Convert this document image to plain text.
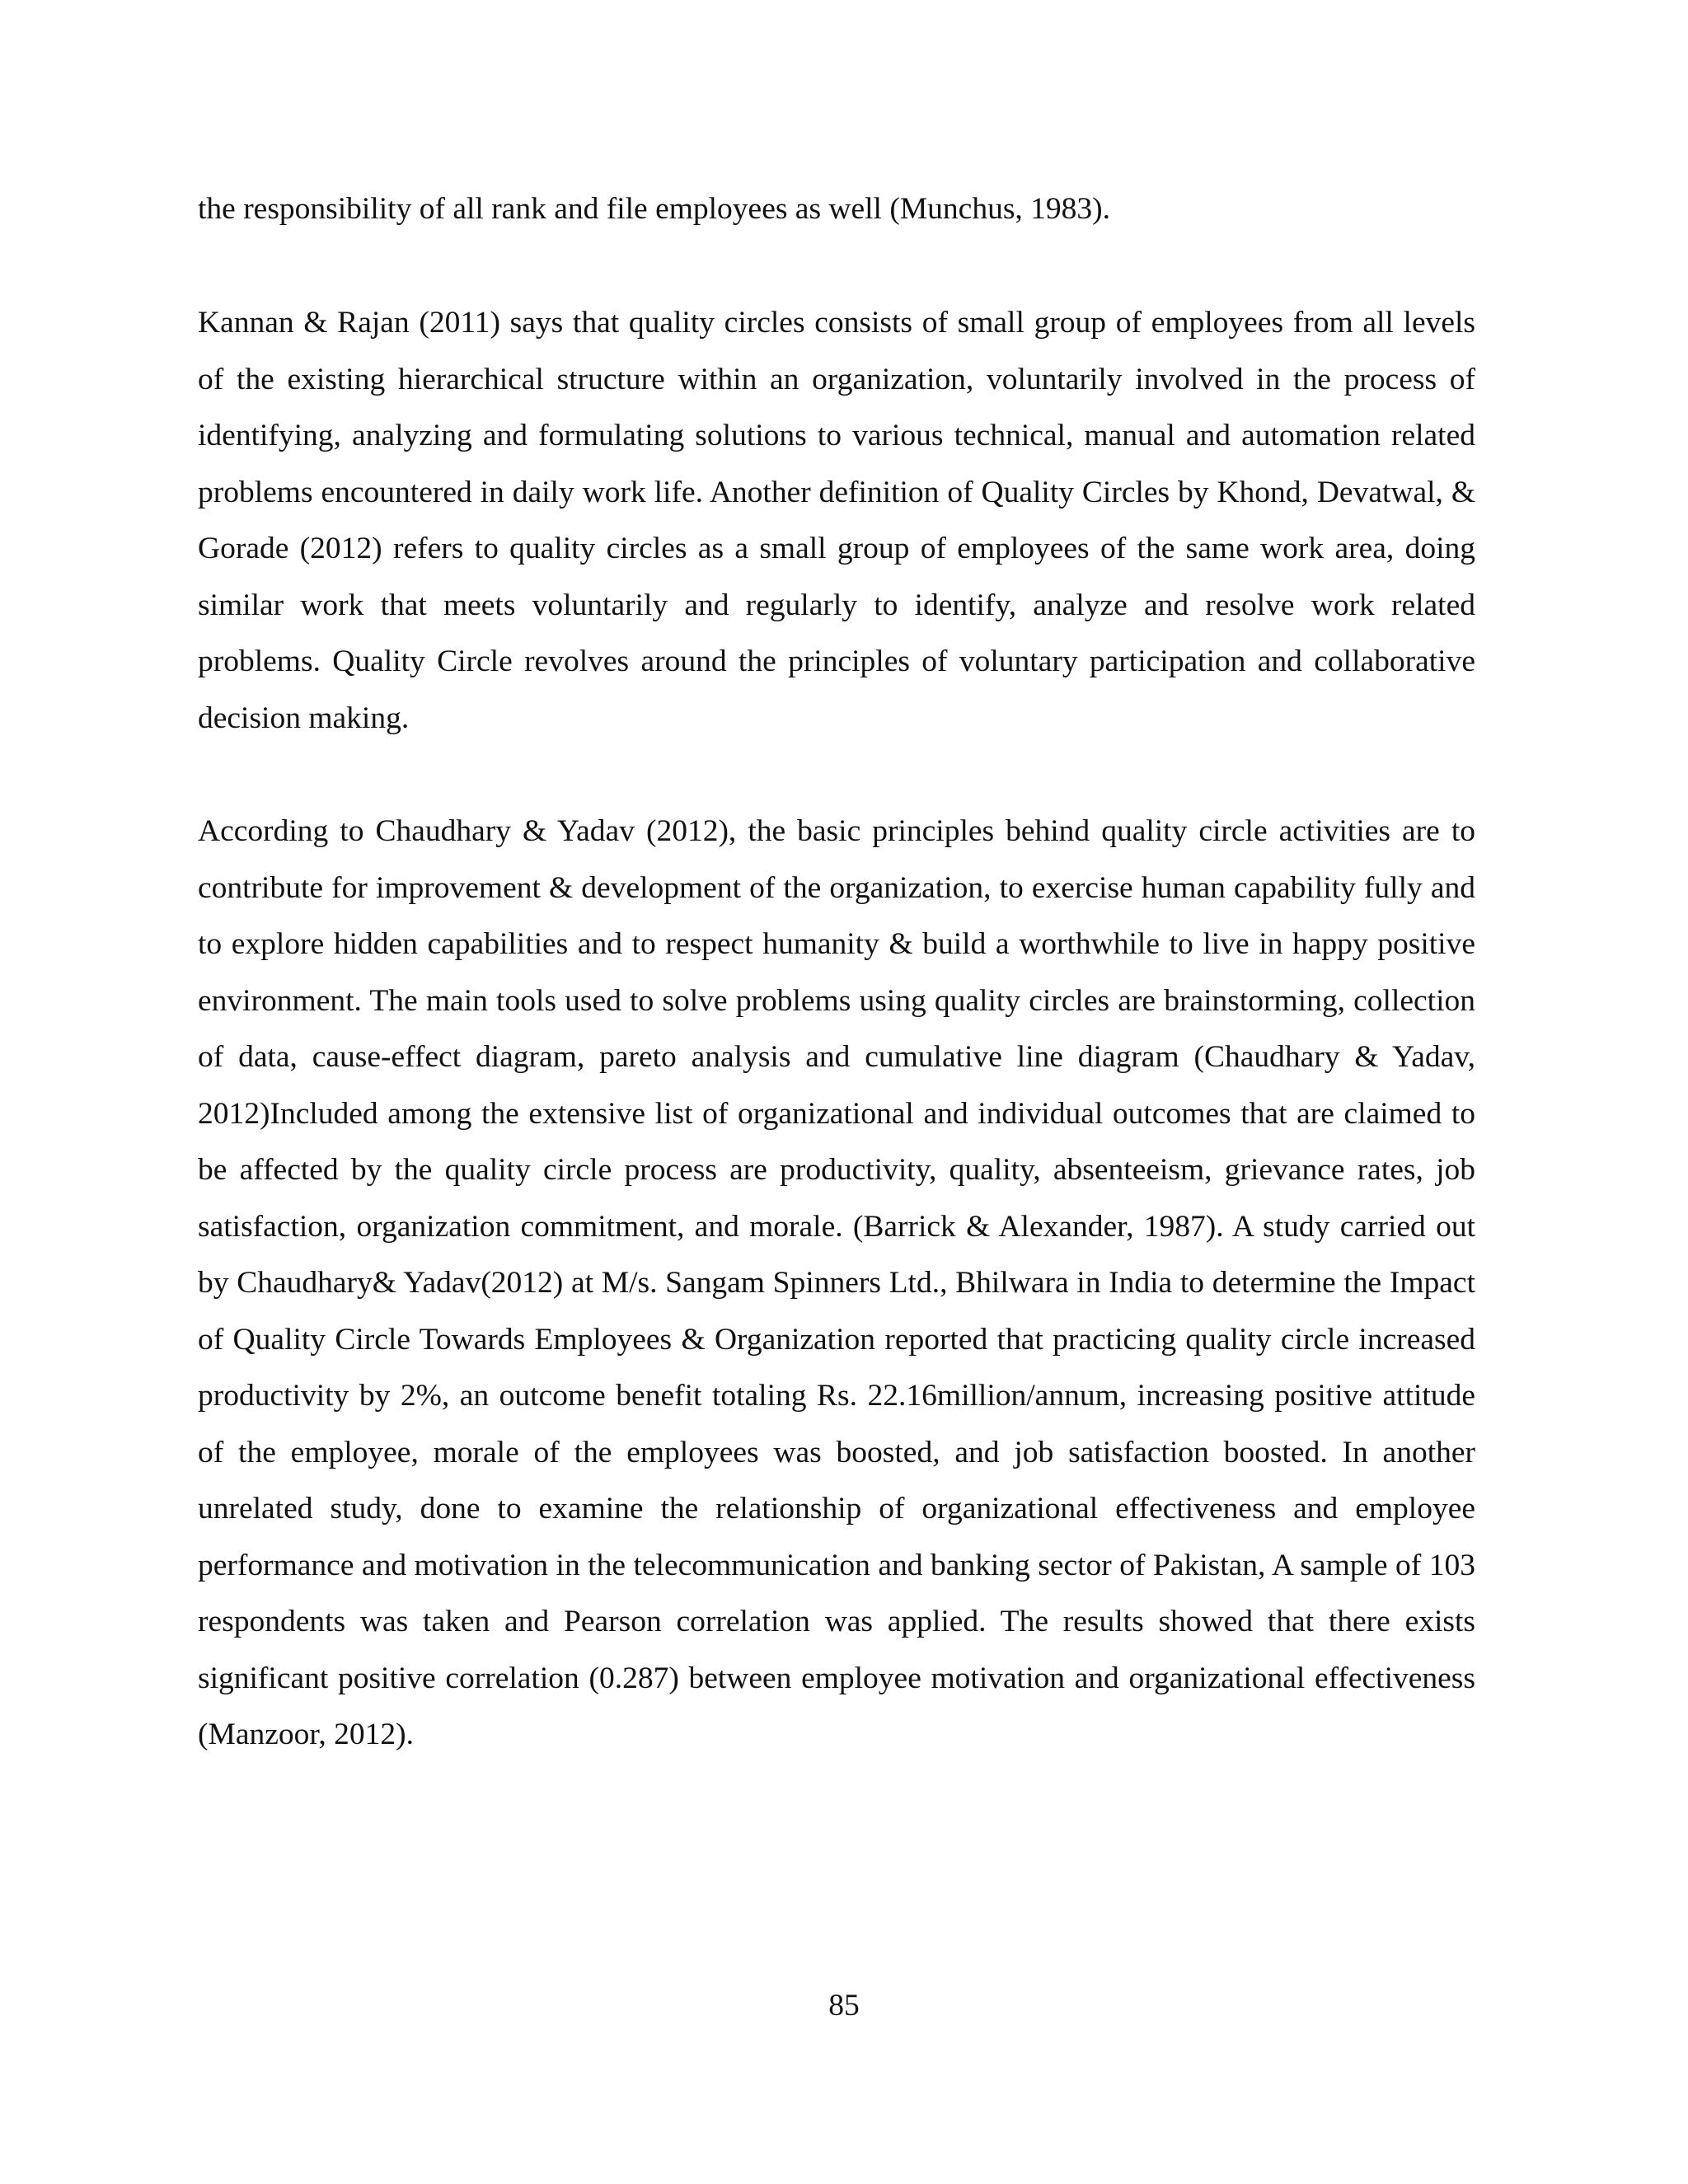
the responsibility of all rank and file employees as well (Munchus, 1983).

Kannan & Rajan (2011) says that quality circles consists of small group of employees from all levels of the existing hierarchical structure within an organization, voluntarily involved in the process of identifying, analyzing and formulating solutions to various technical, manual and automation related problems encountered in daily work life. Another definition of Quality Circles by Khond, Devatwal, & Gorade (2012) refers to quality circles as a small group of employees of the same work area, doing similar work that meets voluntarily and regularly to identify, analyze and resolve work related problems. Quality Circle revolves around the principles of voluntary participation and collaborative decision making.

According to Chaudhary & Yadav (2012), the basic principles behind quality circle activities are to contribute for improvement & development of the organization, to exercise human capability fully and to explore hidden capabilities and to respect humanity & build a worthwhile to live in happy positive environment. The main tools used to solve problems using quality circles are brainstorming, collection of data, cause-effect diagram, pareto analysis and cumulative line diagram (Chaudhary & Yadav, 2012)Included among the extensive list of organizational and individual outcomes that are claimed to be affected by the quality circle process are productivity, quality, absenteeism, grievance rates, job satisfaction, organization commitment, and morale. (Barrick & Alexander, 1987). A study carried out by Chaudhary& Yadav(2012) at M/s. Sangam Spinners Ltd., Bhilwara in India to determine the Impact of Quality Circle Towards Employees & Organization reported that practicing quality circle increased productivity by 2%, an outcome benefit totaling Rs. 22.16million/annum, increasing positive attitude of the employee, morale of the employees was boosted, and job satisfaction boosted. In another unrelated study, done to examine the relationship of organizational effectiveness and employee performance and motivation in the telecommunication and banking sector of Pakistan, A sample of 103 respondents was taken and Pearson correlation was applied. The results showed that there exists significant positive correlation (0.287) between employee motivation and organizational effectiveness (Manzoor, 2012).

85
